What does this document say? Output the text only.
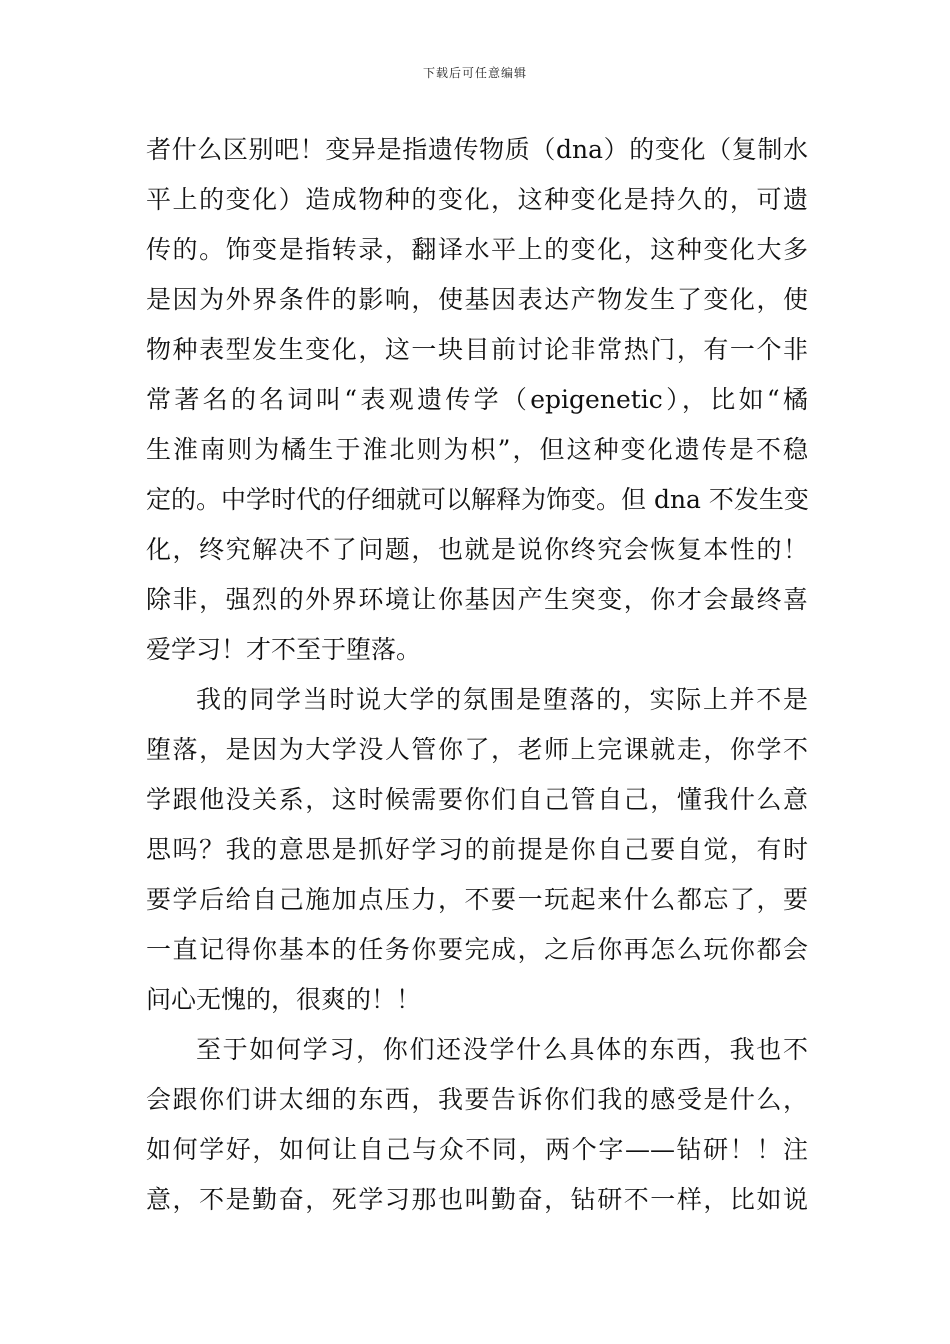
下载后可任意编辑
者什么区别吧！变异是指遗传物质（dna）的变化（复制水
平上的变化）造成物种的变化，这种变化是持久的，可遗
传的。饰变是指转录，翻译水平上的变化，这种变化大多
是因为外界条件的影响，使基因表达产物发生了变化，使
物种表型发生变化，这一块目前讨论非常热门，有一个非
常著名的名词叫“表观遗传学（epigenetic），比如“橘
生淮南则为橘生于淮北则为枳”，但这种变化遗传是不稳
定的。中学时代的仔细就可以解释为饰变。但 dna 不发生变
化，终究解决不了问题，也就是说你终究会恢复本性的！
除非，强烈的外界环境让你基因产生突变，你才会最终喜
爱学习！才不至于堕落。
我的同学当时说大学的氛围是堕落的，实际上并不是
堕落，是因为大学没人管你了，老师上完课就走，你学不
学跟他没关系，这时候需要你们自己管自己，懂我什么意
思吗？我的意思是抓好学习的前提是你自己要自觉，有时
要学后给自己施加点压力，不要一玩起来什么都忘了，要
一直记得你基本的任务你要完成，之后你再怎么玩你都会
问心无愧的，很爽的！！
至于如何学习，你们还没学什么具体的东西，我也不
会跟你们讲太细的东西，我要告诉你们我的感受是什么，
如何学好，如何让自己与众不同，两个字——钻研！！注
意，不是勤奋，死学习那也叫勤奋，钻研不一样，比如说
